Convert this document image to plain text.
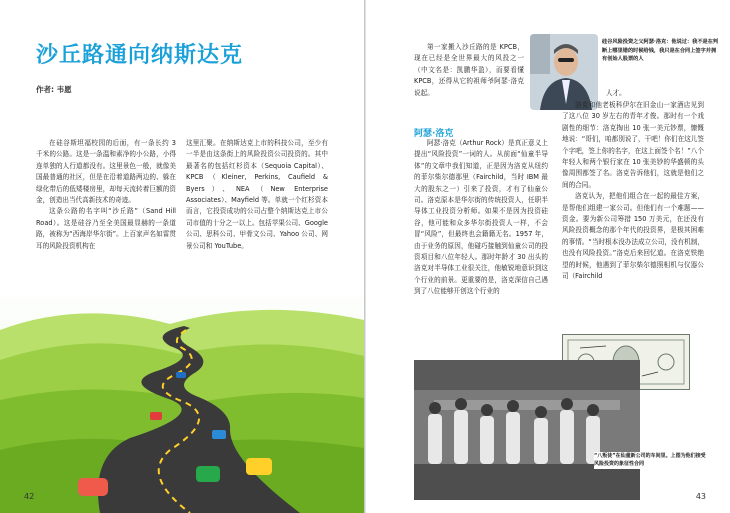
沙丘路通向纳斯达克
作者: 韦愿

在硅谷斯坦福校园的后面，有一条长约 3 千米的公路。这是一条温和素净的小公路，小得连单独的人行道都没有。这里景色一般，就像美国最普通的社区，但是在沿着道路两边的、躲在绿化带后的低矮楼房里，却每天流转着巨额的资金，创造出当代高新技术的奇迹。

这条公路的名字叫“沙丘路”（Sand Hill Road）。这是硅谷乃至全美国最显赫的一条道路，被称为“西海岸华尔街”。上百家声名如雷贯耳的风险投资机构在

这里汇聚。在纳斯达克上市的科技公司，至少有一半是由这条街上的风险投资公司投资的。其中最著名的包括红杉资本（Sequoia Capital）、KPCB（Kleiner, Perkins, Caufield & Byers）、NEA（New Enterprise Associates）、Mayfield 等。单就一个红杉资本而言，它投资成功的公司占整个纳斯达克上市公司市值的十分之一以上。包括苹果公司、Google 公司、思科公司、甲骨文公司、Yahoo 公司、网景公司和 YouTube。

42

第一家搬入沙丘路的是 KPCB，现在已经是全世界最大的风投之一（中文名是：凯鹏华盈），而要看懂 KPCB，还得从它的祖师爷阿瑟·洛克说起。

硅谷风险投资之父阿瑟·洛克：他说过：我不是在判断上哪里错的时候给钱，我只是在合同上签字并拥有创始人股票的人

人才。

阿瑟·洛克

阿瑟·洛克（Arthur Rock）是真正意义上提出“风险投资”一词的人。从前面“仙童半导体”的文章中我们知道，正是因为洛克从纽约的菲尔柴尔德那里（Fairchild，当时 IBM 最大的股东之一）引来了投资，才有了仙童公司。洛克原本是华尔街的传统投资人，任职半导体工业投资分析师。如果不是因为投资硅谷，他可能和众多华尔街投资人一样，不会冒“风险”，但最终也会籍籍无名。1957 年，由于业务的原因，他碰巧接触到仙童公司的投资项目和八位年轻人。那时年龄才 30 出头的洛克对半导体工业很关注，他敏锐地意识到这个行业的前景。更重要的是，洛克深信自己遇到了八位能够开创这个行业的

洛克和他老板科伊尔在旧金山一家酒店见到了这八位 30 岁左右的青年才俊。那时有一个戏剧性的细节：洛克掏出 10 张一美元钞票，慷慨地说：“哥们，咱都别说了，干吧！你们在这儿签个字吧，签上你的名字，在这上面签个名！”八个年轻人和两个银行家在 10 张美钞的华盛顿的头像周围都签了名。洛克告诉他们，这就是他们之间的合同。

洛克认为，把他们组合在一起的最佳方案，是帮他们组建一家公司。但他们有一个难题——资金。要为新公司筹措 150 万美元，在还没有风险投资概念的那个年代的投资界，是极其困难的事情。“当时根本没办法成立公司，没有机制，也没有风险投资。”洛克后来回忆道。在洛克铁绝望的时候，他遇到了菲尔柴尔德照相机与仪器公司（Fairchild

“八叛徒”在仙童新公司的车间里。上图为他们接受风险投资的象征性合同
43
